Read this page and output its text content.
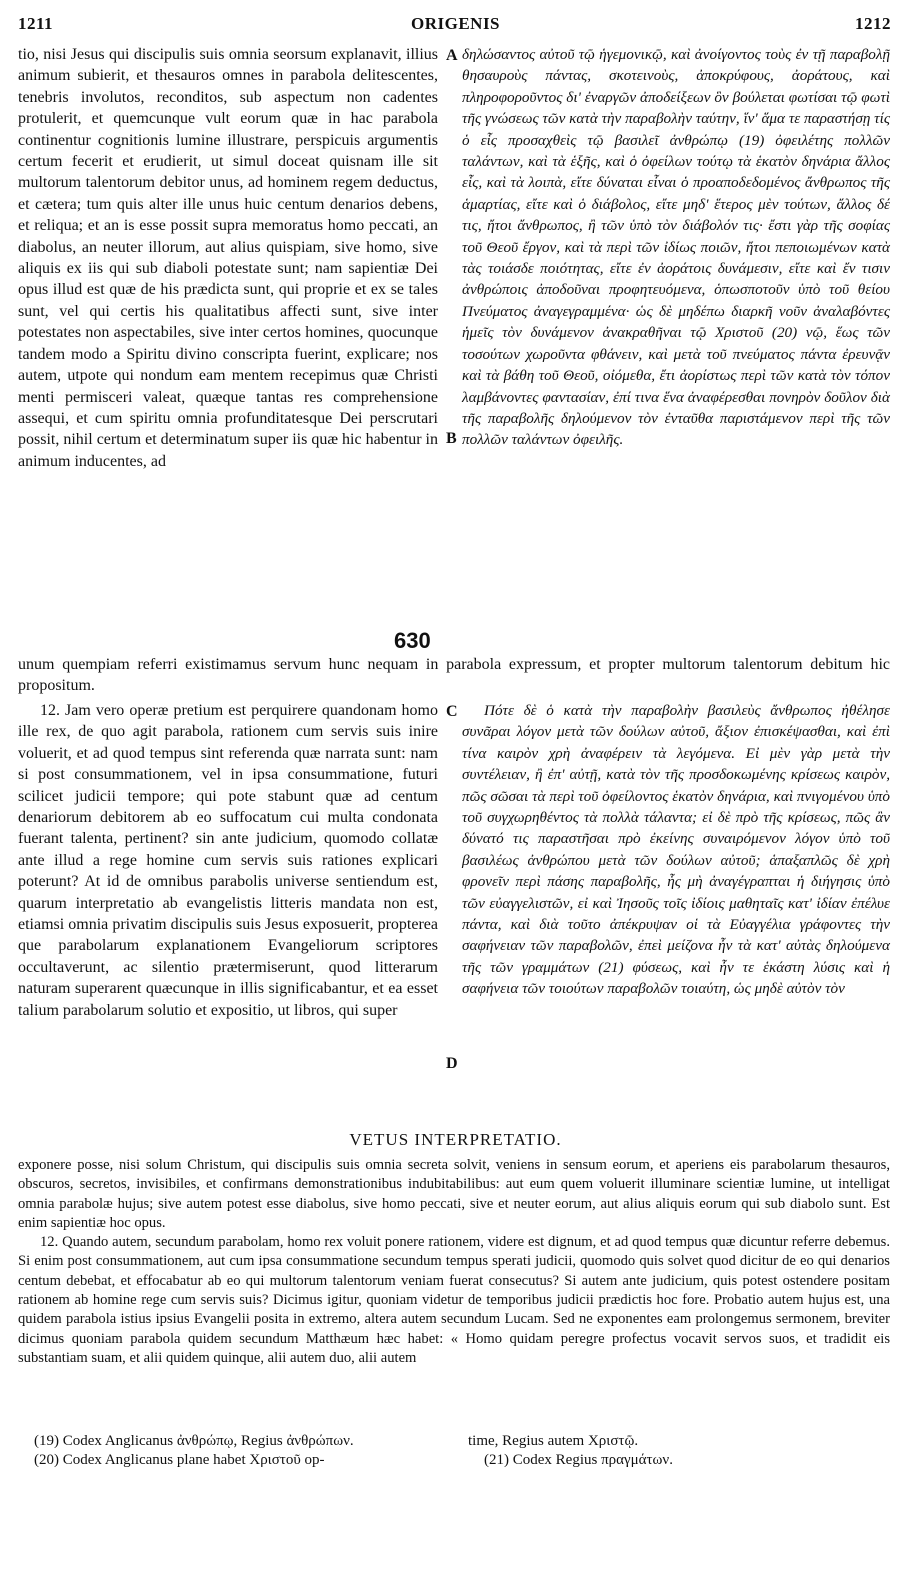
1211	ORIGENIS	1212

tio, nisi Jesus qui discipulis suis omnia seorsum explanavit, illius animum subierit, et thesauros omnes in parabola delitescentes, tenebris involutos, reconditos, sub aspectum non cadentes protulerit, et quemcunque vult eorum quæ in hac parabola continentur cognitionis lumine illustrare, perspicuis argumentis certum fecerit et erudierit, ut simul doceat quisnam ille sit multorum talentorum debitor unus, ad hominem regem deductus, et cætera; tum quis alter ille unus huic centum denarios debens, et reliqua; et an is esse possit supra memoratus homo peccati, an diabolus, an neuter illorum, aut alius quispiam, sive homo, sive aliquis ex iis qui sub diaboli potestate sunt; nam sapientiæ Dei opus illud est quæ de his prædicta sunt, qui proprie et ex se tales sunt, vel qui certis his qualitatibus affecti sunt, sive inter potestates non aspectabiles, sive inter certos homines, quocunque tandem modo a Spiritu divino conscripta fuerint, explicare; nos autem, utpote qui nondum eam mentem recepimus quæ Christi menti permisceri valeat, quæque tantas res comprehensione assequi, et cum spiritu omnia profunditatesque Dei perscrutari possit, nihil certum et determinatum super iis quæ hic habentur in animum inducentes, ad

δηλώσαντος αὐτοῦ τῷ ἡγεμονικῷ, καὶ ἀνοίγοντος τοὺς ἐν τῇ παραβολῇ θησαυροὺς πάντας, σκοτεινοὺς, ἀποκρύφους, ἀοράτους, καὶ πληροφοροῦντος δι' ἐναργῶν ἀποδείξεων ὃν βούλεται φωτίσαι τῷ φωτὶ τῆς γνώσεως τῶν κατὰ τὴν παραβολὴν ταύτην, ἵν' ἅμα τε παραστήσῃ τίς ὁ εἷς προσαχθεὶς τῷ βασιλεῖ ἀνθρώπῳ (19) ὀφειλέτης πολλῶν ταλάντων, καὶ τὰ ἑξῆς, καὶ ὁ ὀφείλων τούτῳ τὰ ἑκατὸν δηνάρια ἄλλος εἷς, καὶ τὰ λοιπὰ, εἴτε δύναται εἶναι ὁ προαποδεδομένος ἄνθρωπος τῆς ἁμαρτίας, εἴτε καὶ ὁ διάβολος, εἴτε μηδ' ἕτερος μὲν τούτων, ἄλλος δέ τις, ἤτοι ἄνθρωπος, ἢ τῶν ὑπὸ τὸν διάβολόν τις· ἔστι γὰρ τῆς σοφίας τοῦ Θεοῦ ἔργον, καὶ τὰ περὶ τῶν ἰδίως ποιῶν, ἤτοι πεποιωμένων κατὰ τὰς τοιάσδε ποιότητας, εἴτε ἐν ἀοράτοις δυνάμεσιν, εἴτε καὶ ἔν τισιν ἀνθρώποις ἀποδοῦναι προφητευόμενα, ὁπωσποτοῦν ὑπὸ τοῦ θείου Πνεύματος ἀναγεγραμμένα· ὡς δὲ μηδέπω διαρκῆ νοῦν ἀναλαβόντες ἡμεῖς τὸν δυνάμενον ἀνακραθῆναι τῷ Χριστοῦ (20) νῷ, ἕως τῶν τοσούτων χωροῦντα φθάνειν, καὶ μετὰ τοῦ πνεύματος πάντα ἐρευνᾷν καὶ τὰ βάθη τοῦ Θεοῦ, οἰόμεθα, ἔτι ἀορίστως περὶ τῶν κατὰ τὸν τόπον λαμβάνοντες φαντασίαν, ἐπί τινα ἕνα ἀναφέρεσθαι πονηρὸν δοῦλον διὰ τῆς παραβολῆς δηλούμενον τὸν ἐνταῦθα παριστάμενον περὶ τῆς τῶν πολλῶν ταλάντων ὀφειλῆς.

A
B
630

unum quempiam referri existimamus servum hunc nequam in parabola expressum, et propter multorum talentorum debitum hic propositum.

12. Jam vero operæ pretium est perquirere quandonam homo ille rex, de quo agit parabola, rationem cum servis suis inire voluerit, et ad quod tempus sint referenda quæ narrata sunt: nam si post consummationem, vel in ipsa consummatione, futuri scilicet judicii tempore; qui pote stabunt quæ ad centum denariorum debitorem ab eo suffocatum cui multa condonata fuerant talenta, pertinent? sin ante judicium, quomodo collatæ ante illud a rege homine cum servis suis rationes explicari poterunt? At id de omnibus parabolis universe sentiendum est, quarum interpretatio ab evangelistis litteris mandata non est, etiamsi omnia privatim discipulis suis Jesus exposuerit, propterea que parabolarum explanationem Evangeliorum scriptores occultaverunt, ac silentio prætermiserunt, quod litterarum naturam superarent quæcunque in illis significabantur, et ea esset talium parabolarum solutio et expositio, ut libros, qui super

Πότε δὲ ὁ κατὰ τὴν παραβολὴν βασιλεὺς ἄνθρωπος ἠθέλησε συνᾶραι λόγον μετὰ τῶν δούλων αὐτοῦ, ἄξιον ἐπισκέψασθαι, καὶ ἐπὶ τίνα καιρὸν χρὴ ἀναφέρειν τὰ λεγόμενα. Εἰ μὲν γὰρ μετὰ τὴν συντέλειαν, ἢ ἐπ' αὐτῇ, κατὰ τὸν τῆς προσδοκωμένης κρίσεως καιρὸν, πῶς σῶσαι τὰ περὶ τοῦ ὀφείλοντος ἑκατὸν δηνάρια, καὶ πνιγομένου ὑπὸ τοῦ συγχωρηθέντος τὰ πολλὰ τάλαντα; εἰ δὲ πρὸ τῆς κρίσεως, πῶς ἂν δύνατό τις παραστῆσαι πρὸ ἐκείνης συναιρόμενον λόγον ὑπὸ τοῦ βασιλέως ἀνθρώπου μετὰ τῶν δούλων αὐτοῦ; ἁπαξαπλῶς δὲ χρὴ φρονεῖν περὶ πάσης παραβολῆς, ἧς μὴ ἀναγέγραπται ἡ διήγησις ὑπὸ τῶν εὐαγγελιστῶν, εἰ καὶ Ἰησοῦς τοῖς ἰδίοις μαθηταῖς κατ' ἰδίαν ἐπέλυε πάντα, καὶ διὰ τοῦτο ἀπέκρυψαν οἱ τὰ Εὐαγγέλια γράφοντες τὴν σαφήνειαν τῶν παραβολῶν, ἐπεὶ μείζονα ἦν τὰ κατ' αὐτὰς δηλούμενα τῆς τῶν γραμμάτων (21) φύσεως, καὶ ἦν τε ἑκάστη λύσις καὶ ἡ σαφήνεια τῶν τοιούτων παραβολῶν τοιαύτη, ὡς μηδὲ αὐτὸν τὸν

C
D
VETUS INTERPRETATIO.

exponere posse, nisi solum Christum, qui discipulis suis omnia secreta solvit, veniens in sensum eorum, et aperiens eis parabolarum thesauros, obscuros, secretos, invisibiles, et confirmans demonstrationibus indubitabilibus: aut eum quem voluerit illuminare scientiæ lumine, ut intelligat omnia parabolæ hujus; sive autem potest esse diabolus, sive homo peccati, sive et neuter eorum, aut alius aliquis eorum qui sub diabolo sunt. Est enim sapientiæ hoc opus.

12. Quando autem, secundum parabolam, homo rex voluit ponere rationem, videre est dignum, et ad quod tempus quæ dicuntur referre debemus. Si enim post consummationem, aut cum ipsa consummatione secundum tempus sperati judicii, quomodo quis solvet quod dicitur de eo qui denarios centum debebat, et effocabatur ab eo qui multorum talentorum veniam fuerat consecutus? Si autem ante judicium, quis potest ostendere positam rationem ab homine rege cum servis suis? Dicimus igitur, quoniam videtur de temporibus judicii prædictis hoc fore. Probatio autem hujus est, una quidem parabola istius ipsius Evangelii posita in extremo, altera autem secundum Lucam. Sed ne exponentes eam prolongemus sermonem, breviter dicimus quoniam parabola quidem secundum Matthæum hæc habet: « Homo quidam peregre profectus vocavit servos suos, et tradidit eis substantiam suam, et alii quidem quinque, alii autem duo, alii autem

(19) Codex Anglicanus ἀνθρώπῳ, Regius ἀνθρώπων.
(20) Codex Anglicanus plane habet Χριστοῦ op-
time, Regius autem Χριστῷ.
(21) Codex Regius πραγμάτων.
